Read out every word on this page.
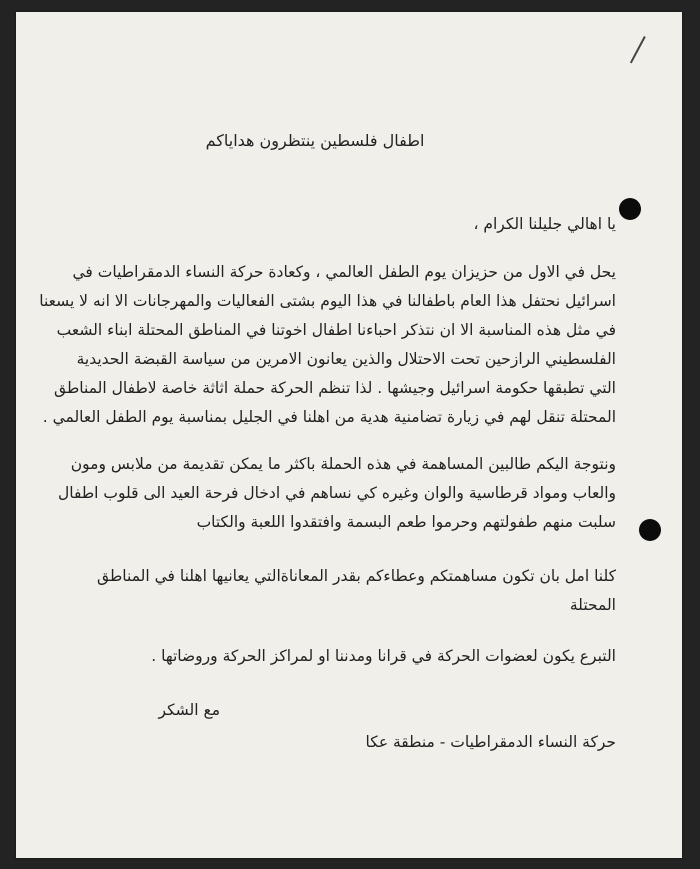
اطفال فلسطين ينتظرون هداياكم
يا اهالي جليلنا الكرام ،
يحل في الاول من حزيزان يوم الطفل العالمي ، وكعادة حركة النساء الدمقراطيات في
اسرائيل نحتفل هذا العام باطفالنا في هذا اليوم بشتى الفعاليات والمهرجانات الا انه لا يسعنا
في مثل هذه المناسبة الا ان نتذكر احباءنا اطفال اخوتنا في المناطق المحتلة ابناء الشعب
الفلسطيني الرازحين تحت الاحتلال والذين يعانون الامرين من سياسة القبضة الحديدية
التي تطبقها حكومة اسرائيل وجيشها . لذا تنظم الحركة حملة اثاثة خاصة لاطفال المناطق
المحتلة تنقل لهم في زيارة تضامنية هدية من اهلنا في الجليل بمناسبة يوم الطفل العالمي .
ونتوجة اليكم طالبين المساهمة في هذه الحملة باكثر ما يمكن تقديمة من ملابس ومون
والعاب ومواد قرطاسية والوان وغيره كي نساهم في ادخال فرحة العيد الى قلوب اطفال
سلبت منهم طفولتهم وحرموا طعم البسمة وافتقدوا اللعبة والكتاب
كلنا امل بان تكون مساهمتكم وعطاءكم بقدر المعاناةالتي يعانيها اهلنا في المناطق
المحتلة
التبرع يكون لعضوات الحركة في قرانا ومدننا او لمراكز الحركة وروضاتها .
مع الشكر
حركة النساء الدمقراطيات - منطقة عكا
